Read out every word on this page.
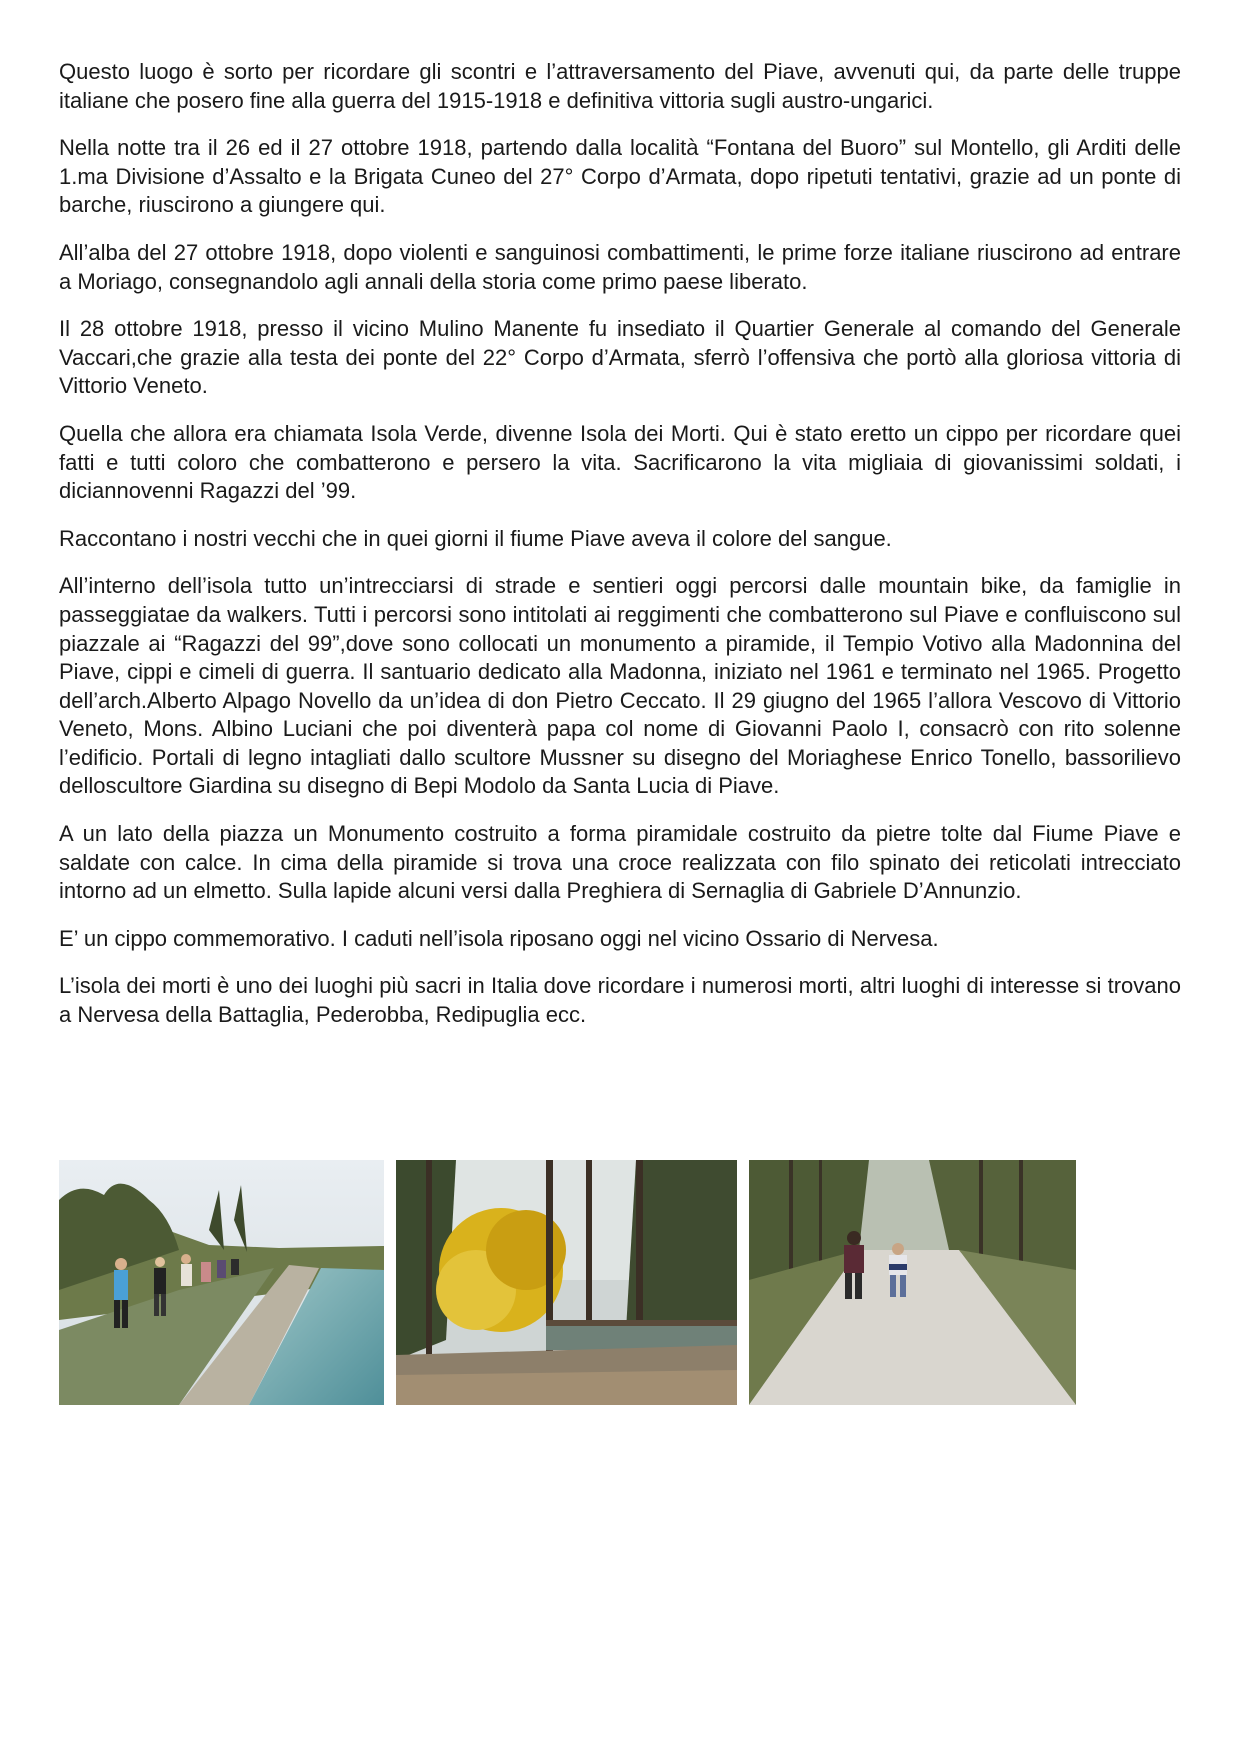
Questo luogo è sorto per ricordare gli scontri e l’attraversamento del Piave, avvenuti qui, da parte delle truppe italiane che posero fine alla guerra del 1915-1918 e definitiva vittoria sugli austro-ungarici.

Nella notte tra il 26 ed il 27 ottobre 1918, partendo dalla località “Fontana del Buoro” sul Montello, gli Arditi delle 1.ma Divisione d’Assalto e la Brigata Cuneo del 27° Corpo d’Armata, dopo ripetuti tentativi, grazie ad un ponte di barche, riuscirono a giungere qui.

All’alba del 27 ottobre 1918, dopo violenti e sanguinosi combattimenti, le prime forze italiane riuscirono ad entrare a Moriago, consegnandolo agli annali della storia come primo paese liberato.

Il 28 ottobre 1918, presso il vicino Mulino Manente fu insediato il Quartier Generale al comando del Generale Vaccari,che grazie alla testa dei ponte del 22° Corpo d’Armata, sferrò l’offensiva che portò alla gloriosa vittoria di Vittorio Veneto.

Quella che allora era chiamata Isola Verde, divenne Isola dei Morti. Qui è stato eretto un cippo per ricordare quei fatti e tutti coloro che combatterono e persero la vita. Sacrificarono la vita migliaia di giovanissimi soldati, i diciannovenni Ragazzi del ’99.

Raccontano i nostri vecchi che in quei giorni il fiume Piave aveva il colore del sangue.

All’interno dell’isola tutto un’intrecciarsi di strade e sentieri oggi percorsi dalle mountain bike, da famiglie in passeggiatae da walkers. Tutti i percorsi sono intitolati ai reggimenti che combatterono sul Piave e confluiscono sul piazzale ai “Ragazzi del 99”,dove sono collocati un monumento a piramide, il Tempio Votivo alla Madonnina del Piave, cippi e cimeli di guerra. Il santuario dedicato alla Madonna, iniziato nel 1961 e terminato nel 1965. Progetto dell’arch.Alberto Alpago Novello da un’idea di don Pietro Ceccato. Il 29 giugno del 1965 l’allora Vescovo di Vittorio Veneto, Mons. Albino Luciani che poi diventerà papa col nome di Giovanni Paolo I, consacrò con rito solenne l’edificio. Portali di legno intagliati dallo scultore Mussner su disegno del Moriaghese Enrico Tonello, bassorilievo delloscultore Giardina su disegno di Bepi Modolo da Santa Lucia di Piave.

A un lato della piazza un Monumento costruito a forma piramidale costruito da pietre tolte dal Fiume Piave e saldate con calce. In cima della piramide si trova una croce realizzata con filo spinato dei reticolati intrecciato intorno ad un elmetto. Sulla lapide alcuni versi dalla Preghiera di Sernaglia di Gabriele D’Annunzio.

E’ un cippo commemorativo. I caduti nell’isola riposano oggi nel vicino Ossario di Nervesa.

L’isola dei morti è uno dei luoghi più sacri in Italia dove ricordare i numerosi morti, altri luoghi di interesse si trovano a Nervesa della Battaglia, Pederobba, Redipuglia ecc.
